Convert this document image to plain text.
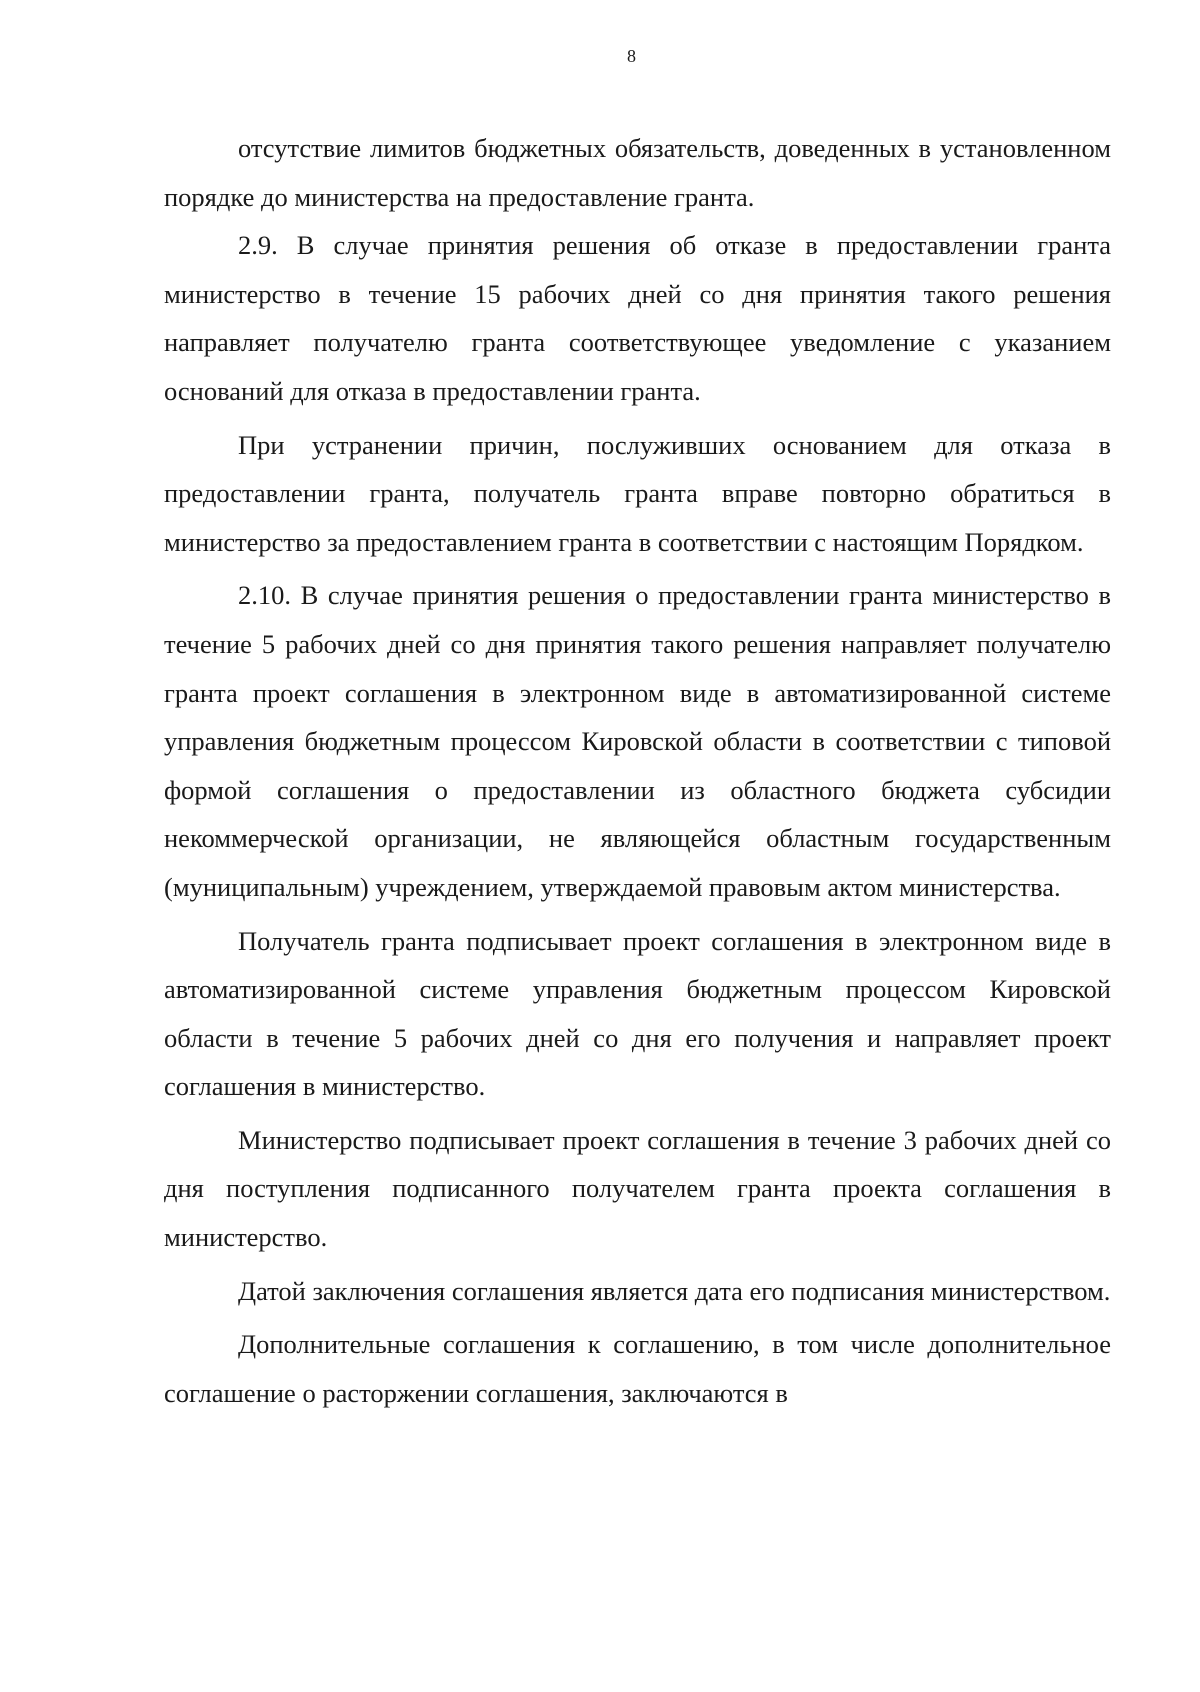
8

отсутствие лимитов бюджетных обязательств, доведенных в установленном порядке до министерства на предоставление гранта.

2.9. В случае принятия решения об отказе в предоставлении гранта министерство в течение 15 рабочих дней со дня принятия такого решения направляет получателю гранта соответствующее уведомление с указанием оснований для отказа в предоставлении гранта.

При устранении причин, послуживших основанием для отказа в предоставлении гранта, получатель гранта вправе повторно обратиться в министерство за предоставлением гранта в соответствии с настоящим Порядком.

2.10. В случае принятия решения о предоставлении гранта министерство в течение 5 рабочих дней со дня принятия такого решения направляет получателю гранта проект соглашения в электронном виде в автоматизированной системе управления бюджетным процессом Кировской области в соответствии с типовой формой соглашения о предоставлении из областного бюджета субсидии некоммерческой организации, не являющейся областным государственным (муниципальным) учреждением, утверждаемой правовым актом министерства.

Получатель гранта подписывает проект соглашения в электронном виде в автоматизированной системе управления бюджетным процессом Кировской области в течение 5 рабочих дней со дня его получения и направляет проект соглашения в министерство.

Министерство подписывает проект соглашения в течение 3 рабочих дней со дня поступления подписанного получателем гранта проекта соглашения в министерство.

Датой заключения соглашения является дата его подписания министерством.

Дополнительные соглашения к соглашению, в том числе дополнительное соглашение о расторжении соглашения, заключаются в
